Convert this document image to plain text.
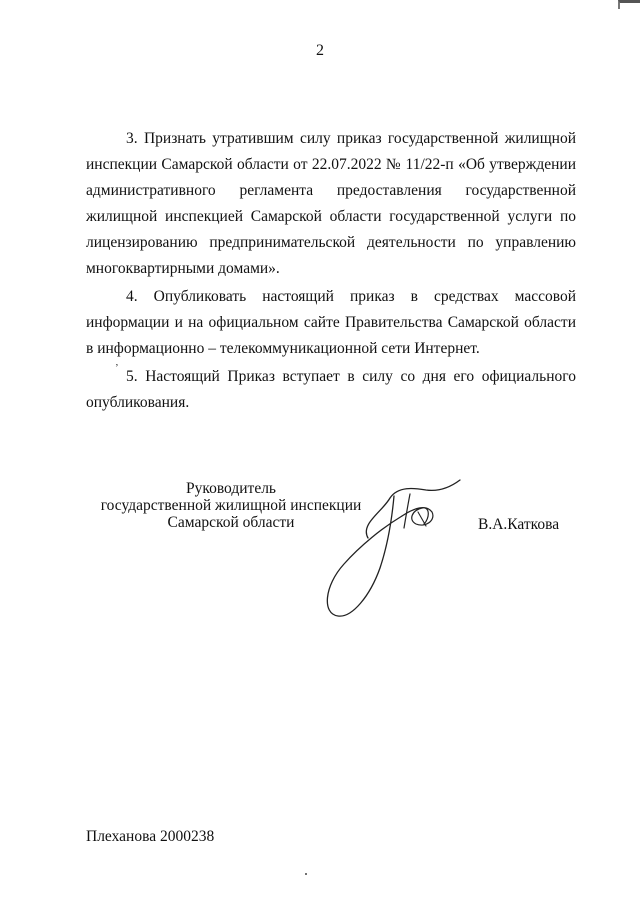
2

3. Признать утратившим силу приказ государственной жилищной инспекции Самарской области от 22.07.2022 № 11/22-п «Об утверждении административного регламента предоставления государственной жилищной инспекцией Самарской области государственной услуги по лицензированию предпринимательской деятельности по управлению многоквартирными домами».

4. Опубликовать настоящий приказ в средствах массовой информации и на официальном сайте Правительства Самарской области в информационно – телекоммуникационной сети Интернет.

5. Настоящий Приказ вступает в силу со дня его официального опубликования.

ʼ
Руководитель
государственной жилищной инспекции
Самарской области	В.А.Каткова
Плеханова 2000238
